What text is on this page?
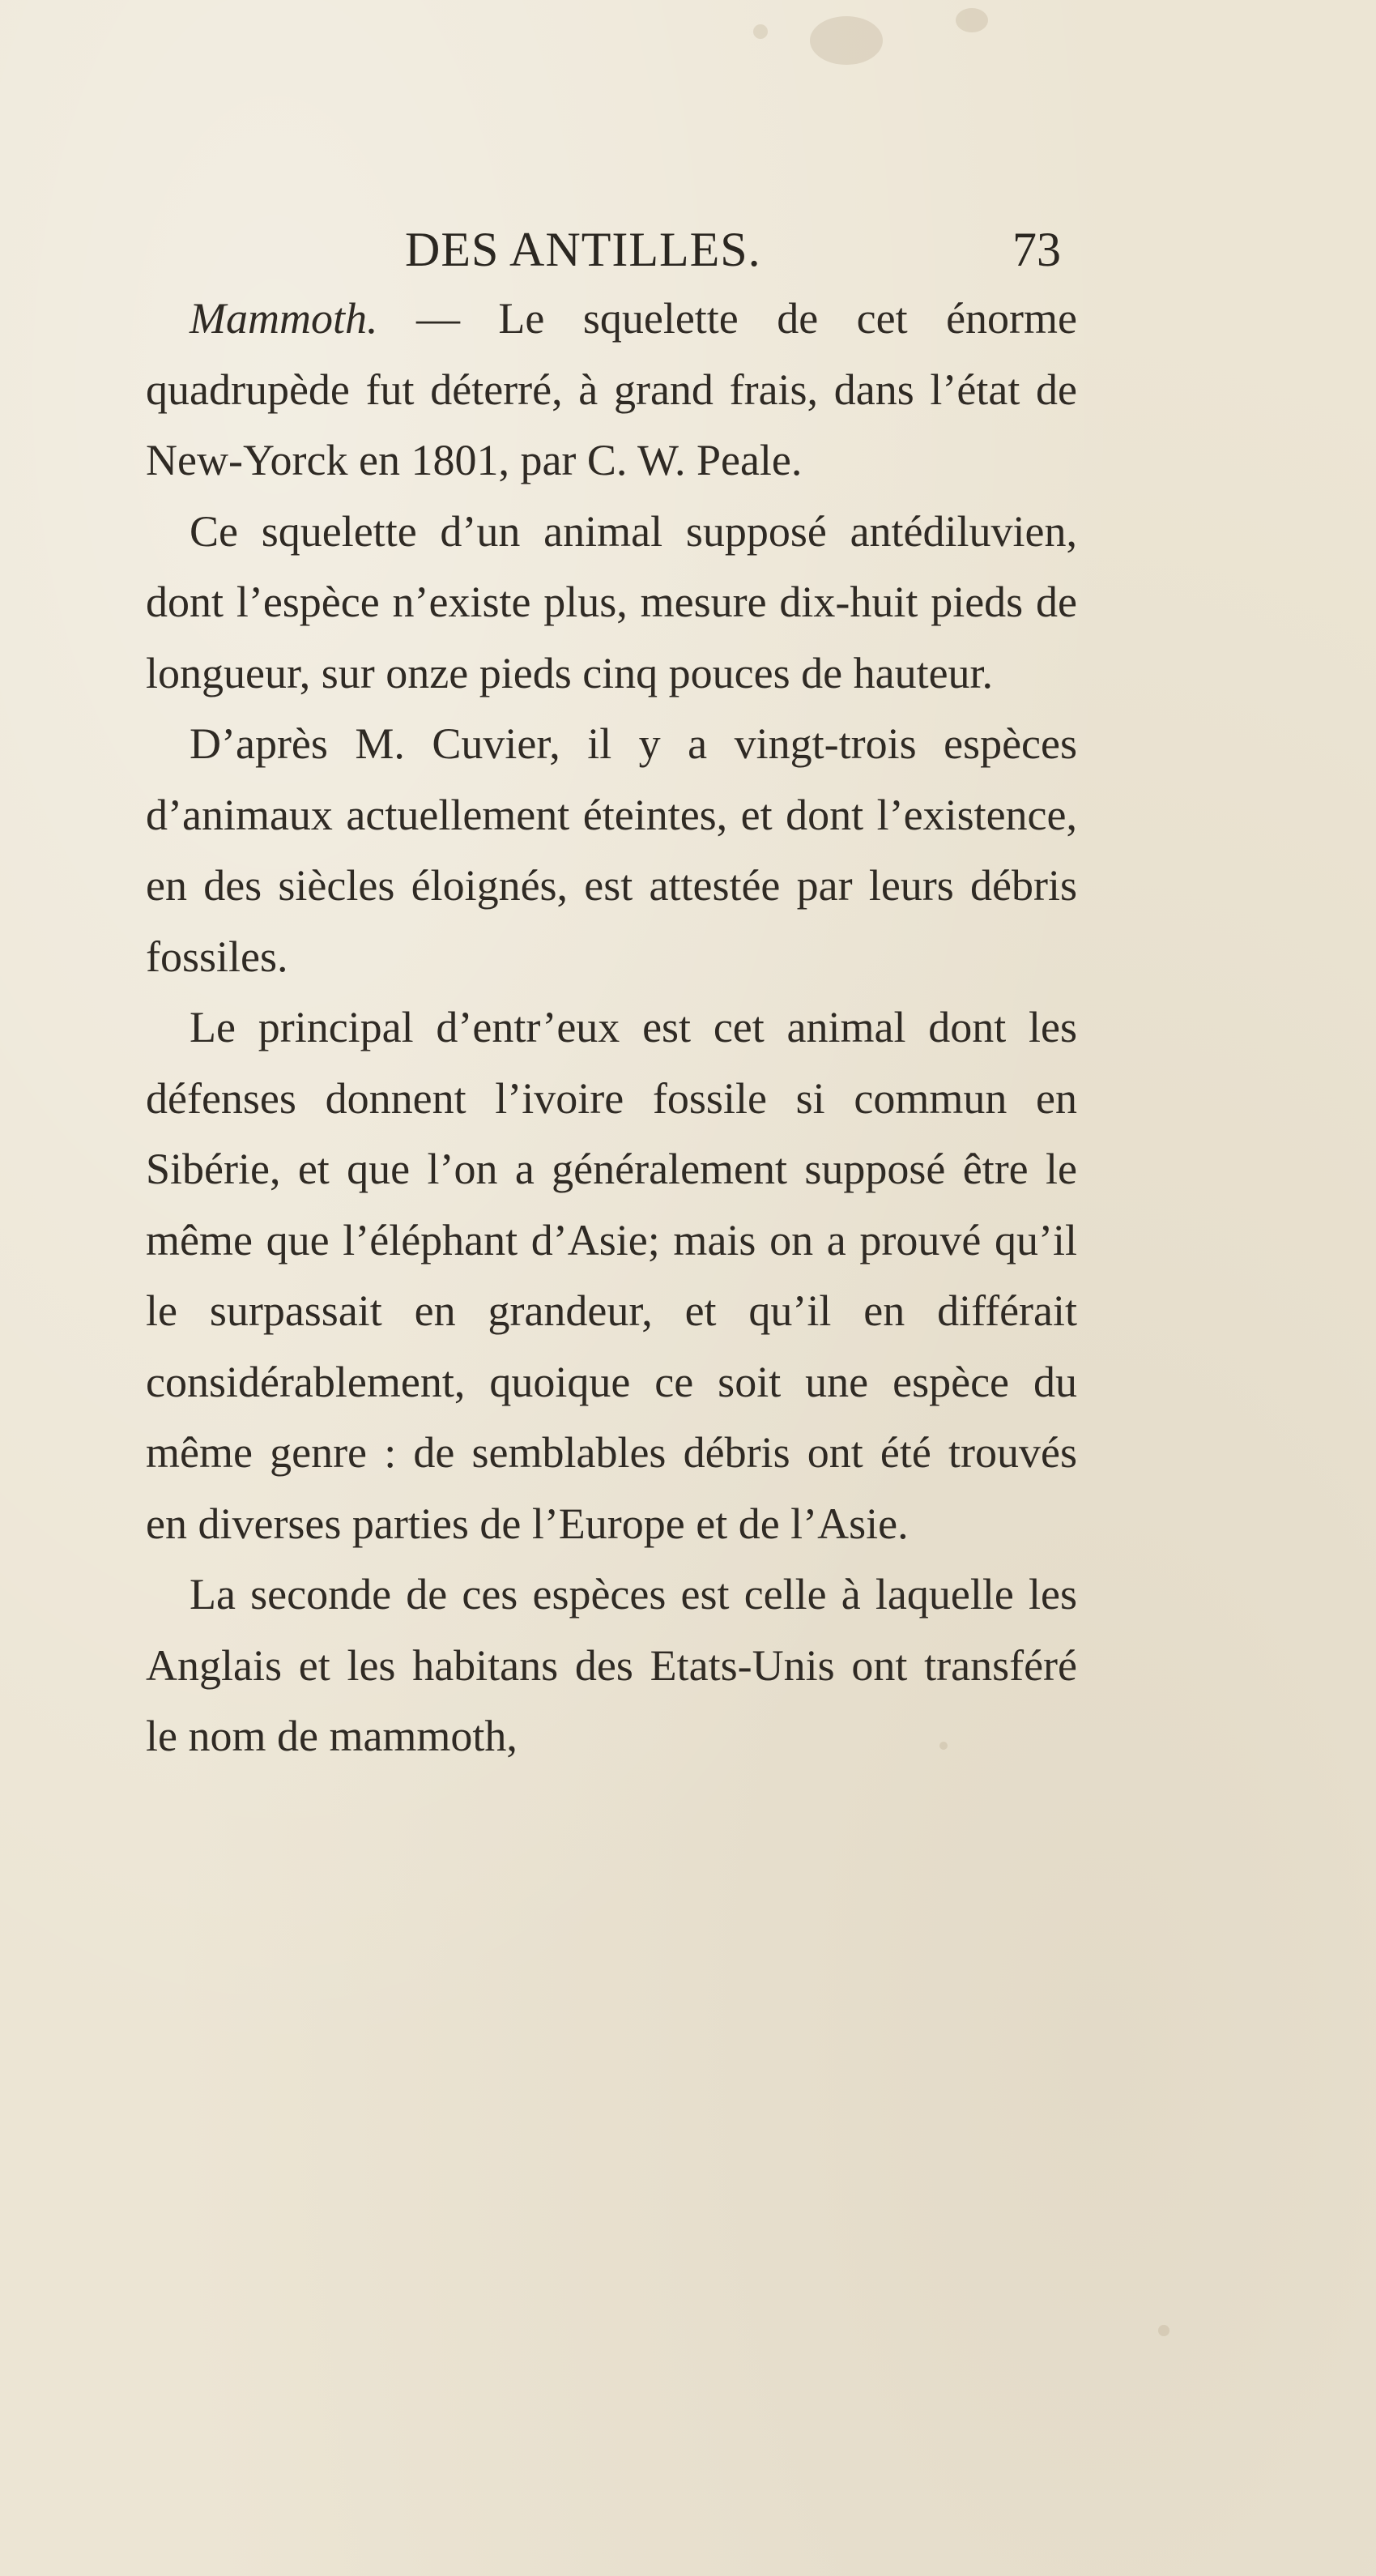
DES ANTILLES.	73

Mammoth. — Le squelette de cet énorme quadrupède fut déterré, à grand frais, dans l’état de New-Yorck en 1801, par C. W. Peale.

Ce squelette d’un animal supposé antédiluvien, dont l’espèce n’existe plus, mesure dix-huit pieds de longueur, sur onze pieds cinq pouces de hauteur.

D’après M. Cuvier, il y a vingt-trois espèces d’animaux actuellement éteintes, et dont l’existence, en des siècles éloignés, est attestée par leurs débris fossiles.

Le principal d’entr’eux est cet animal dont les défenses donnent l’ivoire fossile si commun en Sibérie, et que l’on a généralement supposé être le même que l’éléphant d’Asie; mais on a prouvé qu’il le surpassait en grandeur, et qu’il en différait considérablement, quoique ce soit une espèce du même genre : de semblables débris ont été trouvés en diverses parties de l’Europe et de l’Asie.

La seconde de ces espèces est celle à laquelle les Anglais et les habitans des Etats-Unis ont transféré le nom de mammoth,
